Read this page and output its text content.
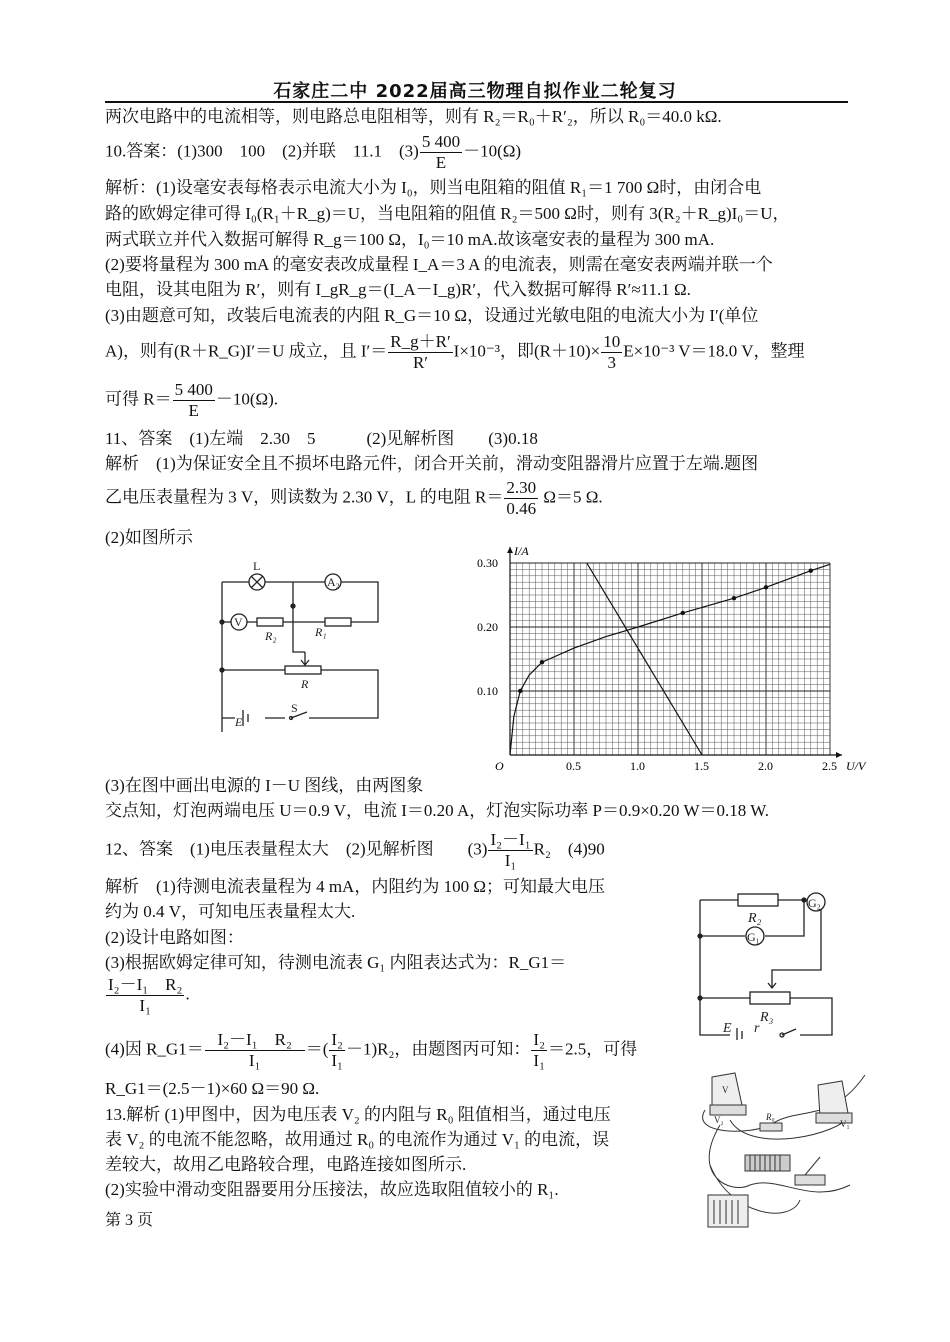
石家庄二中 2022届高三物理自拟作业二轮复习
两次电路中的电流相等，则电路总电阻相等，则有 R₂＝R₀＋R′₂，所以 R₀＝40.0 kΩ.
10.答案：(1)300　100　(2)并联　11.1　$(3) \frac{5 400}{E} -10(\Omega)$
解析：(1)设毫安表每格表示电流大小为 I₀，则当电阻箱的阻值 R₁＝1 700 Ω时，由闭合电
路的欧姆定律可得 I₀(R₁＋R_g)＝U，当电阻箱的阻值 R₂＝500 Ω时，则有 3(R₂＋R_g)I₀＝U，
两式联立并代入数据可解得 R_g＝100 Ω，I₀＝10 mA.故该毫安表的量程为 300 mA.
(2)要将量程为 300 mA 的毫安表改成量程 I_A＝3 A 的电流表，则需在毫安表两端并联一个
电阻，设其电阻为 R′，则有 I_gR_g＝(I_A－I_g)R′，代入数据可解得 R′≈11.1 Ω.
(3)由题意可知，改装后电流表的内阻 R_G＝10 Ω，设通过光敏电阻的电流大小为 I′(单位
A)，则有(R＋R_G)I′＝U 成立，且 $I'= \frac{R\_g+R'}{R'} I\times 10^{-3}$，即$(R+10)\times \frac{10}{3} E\times 10^{-3}$ V＝18.0 V，整理
可得 $R= \frac{5 400}{E} -10(\Omega)$.
11、答案　(1)左端　2.30　5　　　(2)见解析图　　(3)0.18
解析　(1)为保证安全且不损坏电路元件，闭合开关前，滑动变阻器滑片应置于左端.题图
乙电压表量程为 3 V，则读数为 2.30 V，L 的电阻 $R= \frac{2.30}{0.46} \Omega=5$ Ω.
(2)如图所示
L
A₂
V
R₂	R₁
R
E
S
0.5	1.0	1.5	2.0	2.5
0.10
0.20
0.30
O	U/V
I/A
(3)在图中画出电源的 I－U 图线，由两图象
交点知，灯泡两端电压 U＝0.9 V，电流 I＝0.20 A，灯泡实际功率 P＝0.9×0.20 W＝0.18 W.
12、答案　(1)电压表量程太大　(2)见解析图　　$(3) \frac{\text{I₂－I₁}}{\text{I₁}} R_2$　(4)90
解析　(1)待测电流表量程为 4 mA，内阻约为 100 Ω；可知最大电压
约为 0.4 V，可知电压表量程太大.
(2)设计电路如图：
(3)根据欧姆定律可知，待测电流表 G₁ 内阻表达式为：R_G1＝
$\frac{\text{I₂－I₁　R₂}}{\text{I₁}}$ .
(4)因 R_G1＝ $\frac{\text{I₂－I₁　R₂}}{\text{I₁}}$ ＝( $\frac{\text{I₂}}{\text{I₁}} -1)R_2$，由题图丙可知： $\frac{\text{I₂}}{\text{I₁}} =2.5$，可得
R_G1＝(2.5－1)×60 Ω＝90 Ω.
13.解析 (1)甲图中，因为电压表 V₂ 的内阻与 R₀ 阻值相当，通过电压
表 V₂ 的电流不能忽略，故用通过 R₀ 的电流作为通过 V₁ 的电流，误
差较大，故用乙电路较合理，电路连接如图所示.
(2)实验中滑动变阻器要用分压接法，故应选取阻值较小的 R₁.
第 3 页
R₂
G₂
G₁
R₃
E r
V
V₂	R₀
V₁
